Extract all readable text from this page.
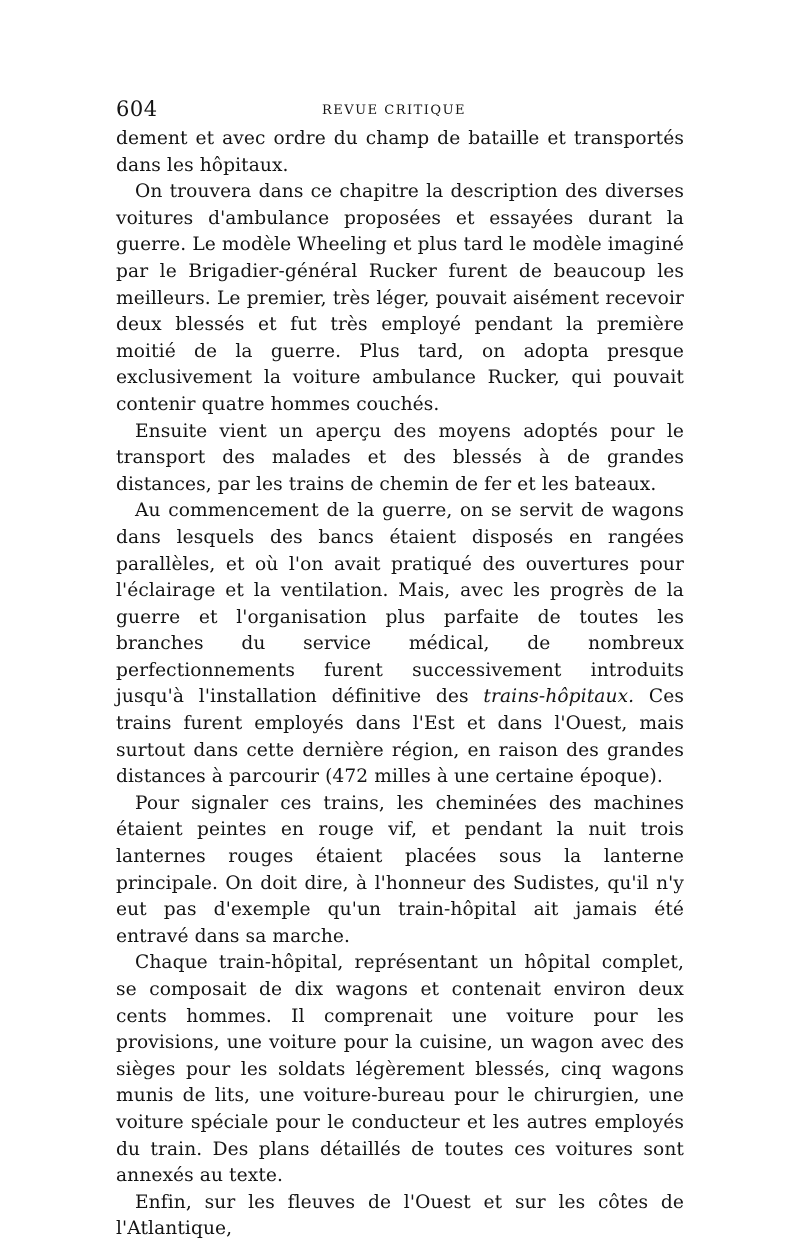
604	REVUE CRITIQUE

dement et avec ordre du champ de bataille et transportés dans les hôpitaux.

On trouvera dans ce chapitre la description des diverses voitures d'ambulance proposées et essayées durant la guerre. Le modèle Wheeling et plus tard le modèle imaginé par le Brigadier-général Rucker furent de beaucoup les meilleurs. Le premier, très léger, pouvait aisément recevoir deux blessés et fut très employé pendant la première moitié de la guerre. Plus tard, on adopta presque exclusivement la voiture ambulance Rucker, qui pouvait contenir quatre hommes couchés.

Ensuite vient un aperçu des moyens adoptés pour le transport des malades et des blessés à de grandes distances, par les trains de chemin de fer et les bateaux.

Au commencement de la guerre, on se servit de wagons dans lesquels des bancs étaient disposés en rangées parallèles, et où l'on avait pratiqué des ouvertures pour l'éclairage et la ventilation. Mais, avec les progrès de la guerre et l'organisation plus parfaite de toutes les branches du service médical, de nombreux perfectionnements furent successivement introduits jusqu'à l'installation définitive des trains-hôpitaux. Ces trains furent employés dans l'Est et dans l'Ouest, mais surtout dans cette dernière région, en raison des grandes distances à parcourir (472 milles à une certaine époque).

Pour signaler ces trains, les cheminées des machines étaient peintes en rouge vif, et pendant la nuit trois lanternes rouges étaient placées sous la lanterne principale. On doit dire, à l'honneur des Sudistes, qu'il n'y eut pas d'exemple qu'un train-hôpital ait jamais été entravé dans sa marche.

Chaque train-hôpital, représentant un hôpital complet, se composait de dix wagons et contenait environ deux cents hommes. Il comprenait une voiture pour les provisions, une voiture pour la cuisine, un wagon avec des sièges pour les soldats légèrement blessés, cinq wagons munis de lits, une voiture-bureau pour le chirurgien, une voiture spéciale pour le conducteur et les autres employés du train. Des plans détaillés de toutes ces voitures sont annexés au texte.

Enfin, sur les fleuves de l'Ouest et sur les côtes de l'Atlantique,
